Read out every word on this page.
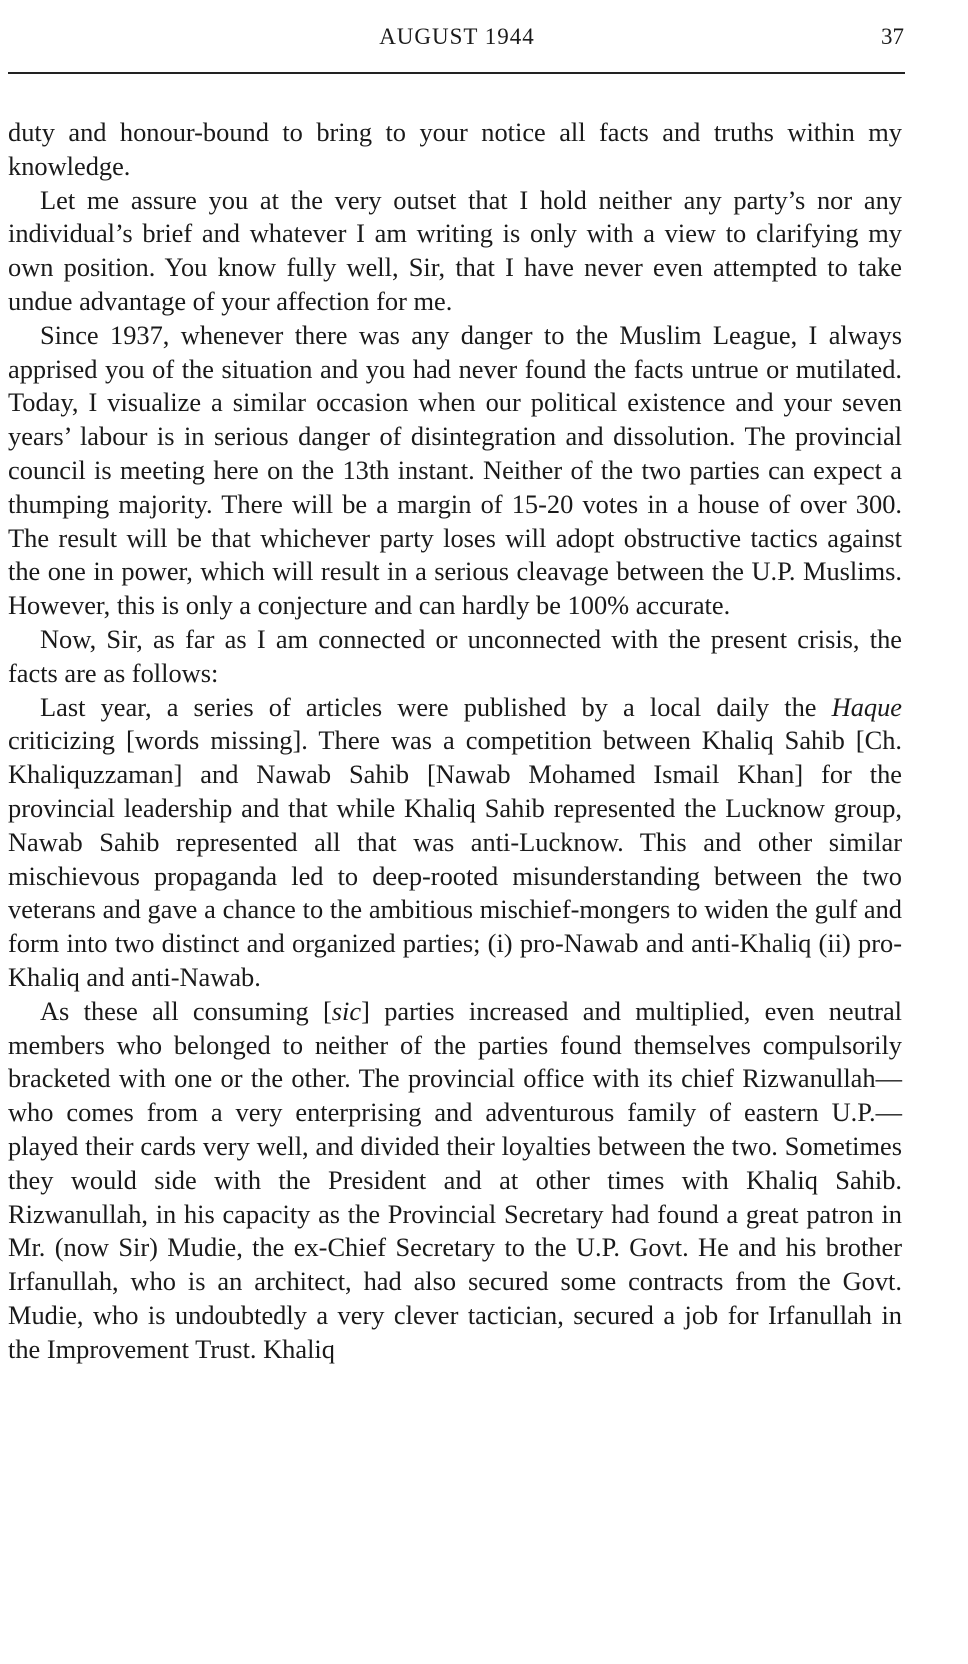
AUGUST 1944	37

duty and honour-bound to bring to your notice all facts and truths within my knowledge.

Let me assure you at the very outset that I hold neither any party’s nor any individual’s brief and whatever I am writing is only with a view to clarifying my own position. You know fully well, Sir, that I have never even attempted to take undue advantage of your affection for me.

Since 1937, whenever there was any danger to the Muslim League, I always apprised you of the situation and you had never found the facts untrue or mutilated. Today, I visualize a similar occasion when our political existence and your seven years’ labour is in serious danger of disintegration and dissolution. The provincial council is meeting here on the 13th instant. Neither of the two parties can expect a thumping majority. There will be a margin of 15-20 votes in a house of over 300. The result will be that whichever party loses will adopt obstructive tactics against the one in power, which will result in a serious cleavage between the U.P. Muslims. However, this is only a conjecture and can hardly be 100% accurate.

Now, Sir, as far as I am connected or unconnected with the present crisis, the facts are as follows:

Last year, a series of articles were published by a local daily the Haque criticizing [words missing]. There was a competition between Khaliq Sahib [Ch. Khaliquzzaman] and Nawab Sahib [Nawab Mohamed Ismail Khan] for the provincial leadership and that while Khaliq Sahib represented the Lucknow group, Nawab Sahib represented all that was anti-Lucknow. This and other similar mischievous propaganda led to deep-rooted misunderstanding between the two veterans and gave a chance to the ambitious mischief-mongers to widen the gulf and form into two distinct and organized parties; (i) pro-Nawab and anti-Khaliq (ii) pro-Khaliq and anti-Nawab.

As these all consuming [sic] parties increased and multiplied, even neutral members who belonged to neither of the parties found themselves compulsorily bracketed with one or the other. The provincial office with its chief Rizwanullah— who comes from a very enterprising and adventurous family of eastern U.P.— played their cards very well, and divided their loyalties between the two. Sometimes they would side with the President and at other times with Khaliq Sahib. Rizwanullah, in his capacity as the Provincial Secretary had found a great patron in Mr. (now Sir) Mudie, the ex-Chief Secretary to the U.P. Govt. He and his brother Irfanullah, who is an architect, had also secured some contracts from the Govt. Mudie, who is undoubtedly a very clever tactician, secured a job for Irfanullah in the Improvement Trust. Khaliq
